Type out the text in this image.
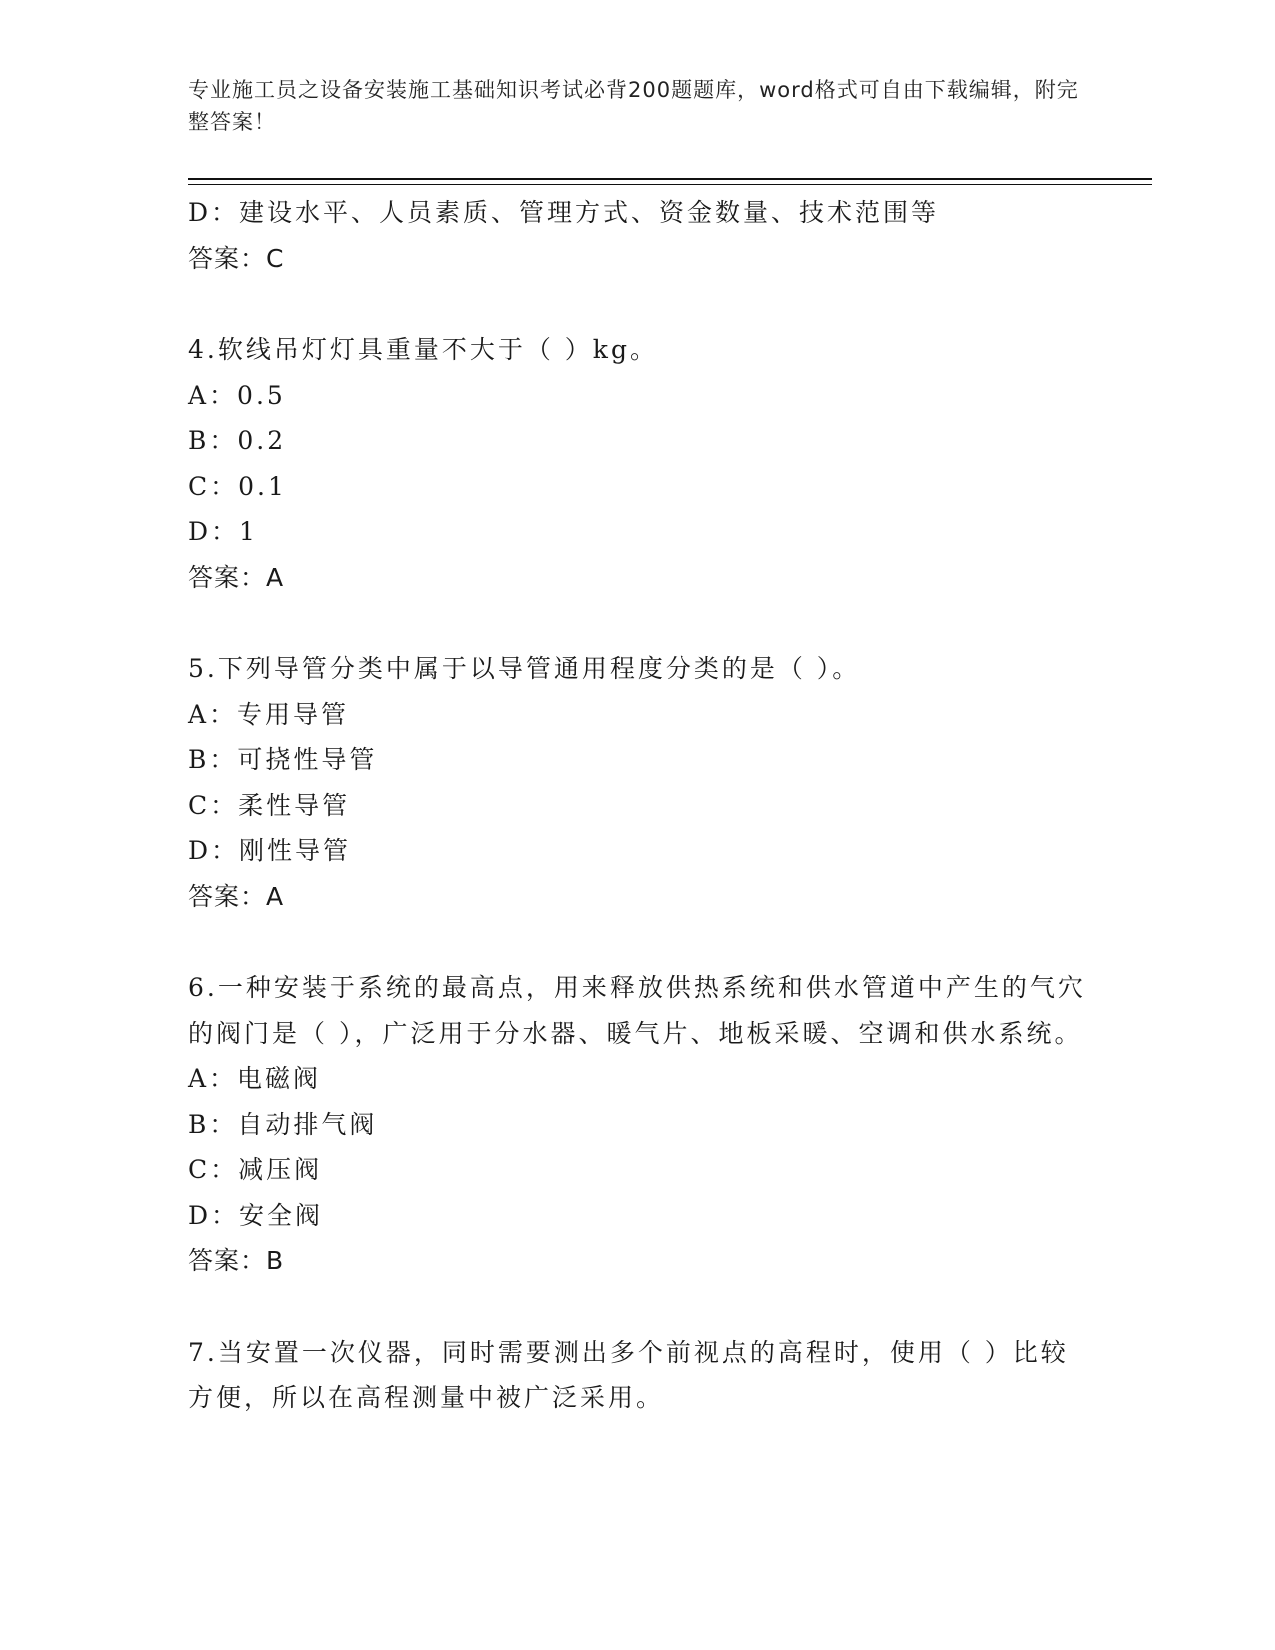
专业施工员之设备安装施工基础知识考试必背200题题库，word格式可自由下载编辑，附完整答案！
D：建设水平、人员素质、管理方式、资金数量、技术范围等
答案：C
4.软线吊灯灯具重量不大于（ ）kg。
A：0.5
B：0.2
C：0.1
D：1
答案：A
5.下列导管分类中属于以导管通用程度分类的是（ ）。
A：专用导管
B：可挠性导管
C：柔性导管
D：刚性导管
答案：A
6.一种安装于系统的最高点，用来释放供热系统和供水管道中产生的气穴的阀门是（ ），广泛用于分水器、暖气片、地板采暖、空调和供水系统。
A：电磁阀
B：自动排气阀
C：减压阀
D：安全阀
答案：B
7.当安置一次仪器，同时需要测出多个前视点的高程时，使用（ ）比较方便，所以在高程测量中被广泛采用。
